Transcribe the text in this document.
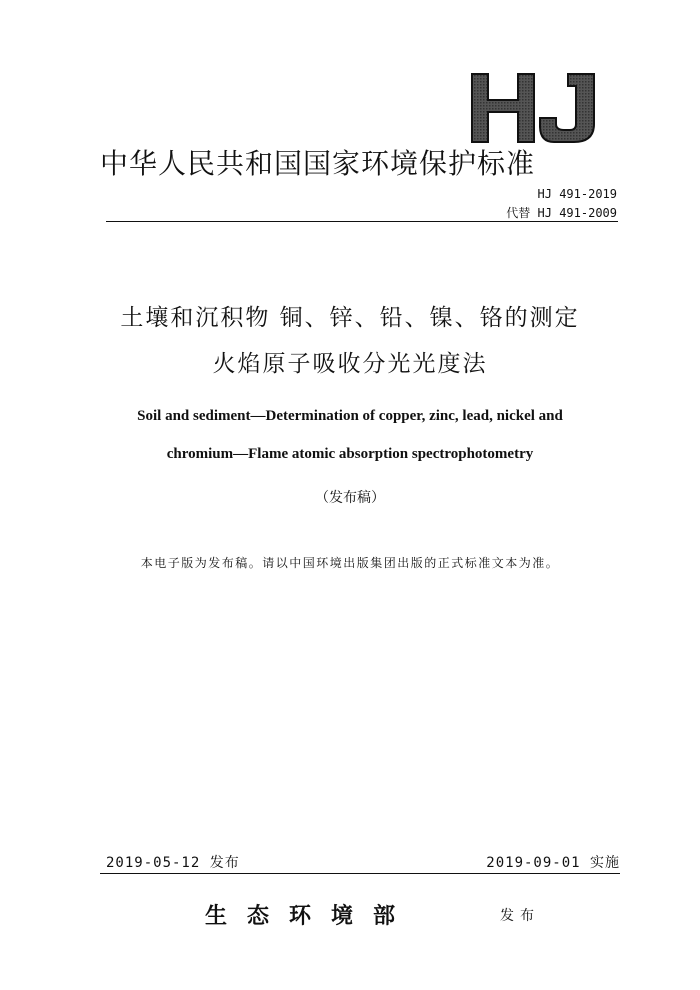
中华人民共和国国家环境保护标准
HJ 491-2019
代替 HJ 491-2009
土壤和沉积物 铜、锌、铅、镍、铬的测定
火焰原子吸收分光光度法
Soil and sediment—Determination of copper, zinc, lead, nickel and
chromium—Flame atomic absorption spectrophotometry
（发布稿）
本电子版为发布稿。请以中国环境出版集团出版的正式标准文本为准。
2019-05-12 发布	2019-09-01 实施
生态环境部	发布
